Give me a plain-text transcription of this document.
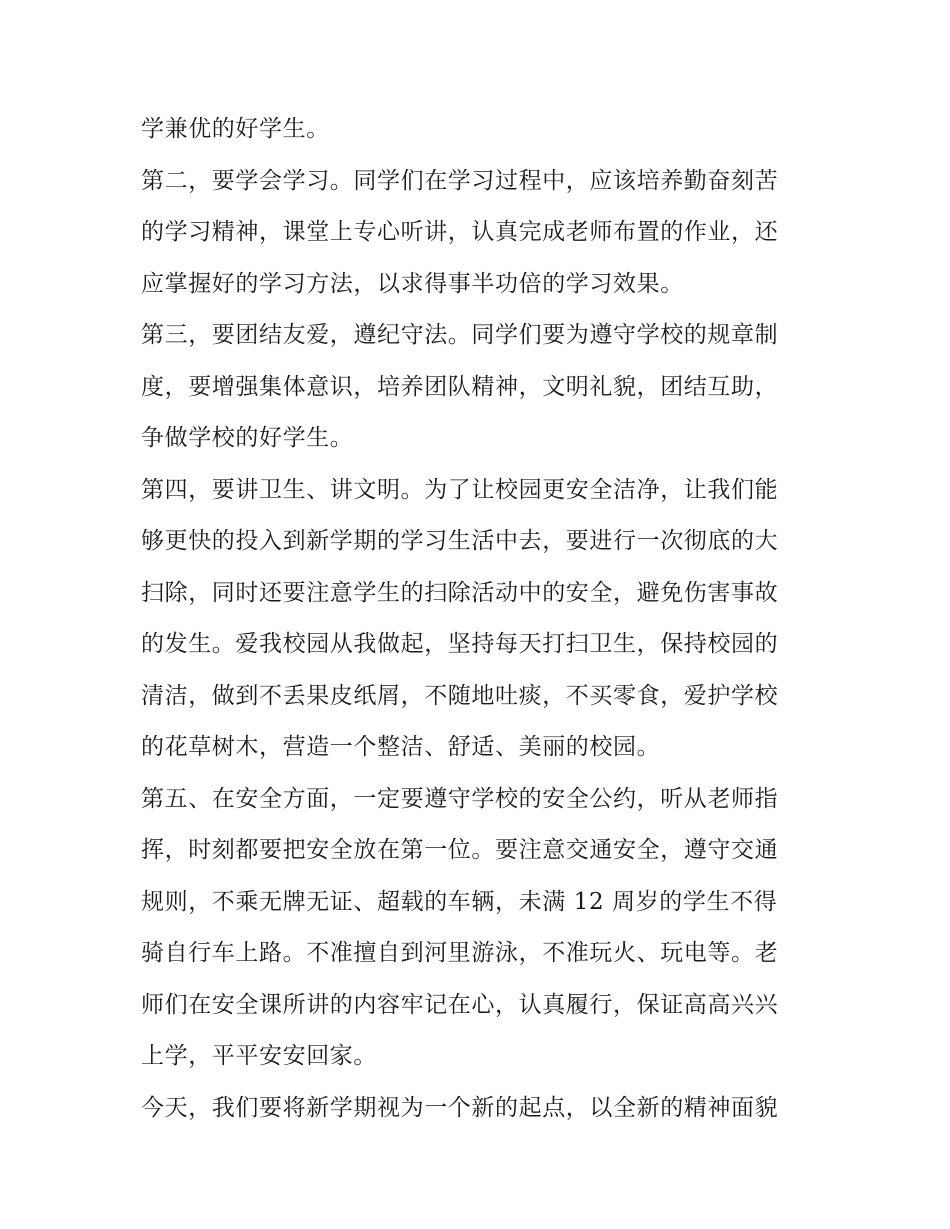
学兼优的好学生。
第二，要学会学习。同学们在学习过程中，应该培养勤奋刻苦
的学习精神，课堂上专心听讲，认真完成老师布置的作业，还
应掌握好的学习方法，以求得事半功倍的学习效果。
第三，要团结友爱，遵纪守法。同学们要为遵守学校的规章制
度，要增强集体意识，培养团队精神，文明礼貌，团结互助，
争做学校的好学生。
第四，要讲卫生、讲文明。为了让校园更安全洁净，让我们能
够更快的投入到新学期的学习生活中去，要进行一次彻底的大
扫除，同时还要注意学生的扫除活动中的安全，避免伤害事故
的发生。爱我校园从我做起，坚持每天打扫卫生，保持校园的
清洁，做到不丢果皮纸屑，不随地吐痰，不买零食，爱护学校
的花草树木，营造一个整洁、舒适、美丽的校园。
第五、在安全方面，一定要遵守学校的安全公约，听从老师指
挥，时刻都要把安全放在第一位。要注意交通安全，遵守交通
规则，不乘无牌无证、超载的车辆，未满 12 周岁的学生不得
骑自行车上路。不准擅自到河里游泳，不准玩火、玩电等。老
师们在安全课所讲的内容牢记在心，认真履行，保证高高兴兴
上学，平平安安回家。
今天，我们要将新学期视为一个新的起点，以全新的精神面貌
